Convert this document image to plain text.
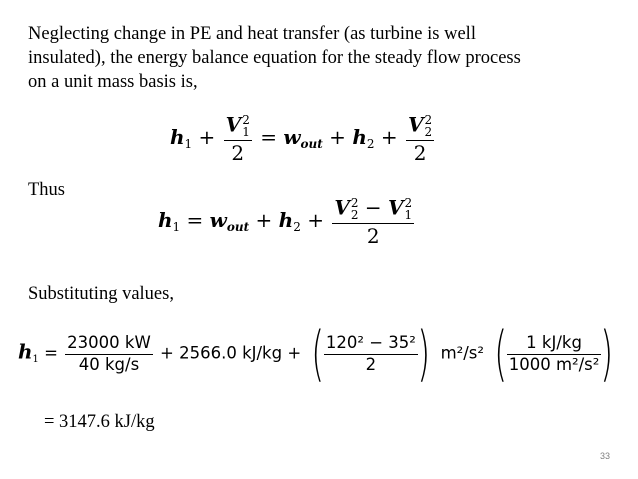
Neglecting change in PE and heat transfer (as turbine is well
insulated), the energy balance equation for the steady flow process
on a unit mass basis is,
$h_1 + V$ 2
1
$2 = w_{out} + h_2 + V$ 2
2
2
Thus
$h_1 = w_{out} + h_2 + V$ 2
2 − V 2
1
2
Substituting values,
$h_1 = \frac{23000 kW}{40 kg/s} + 2566.0$ kJ/kg + ( $\frac{\text{120² − 35²}}{2}$ ) m²/s² ( $\frac{1 kJ/kg}{\text{1000 m²/s²}}$ )
= 3147.6 kJ/kg
33
